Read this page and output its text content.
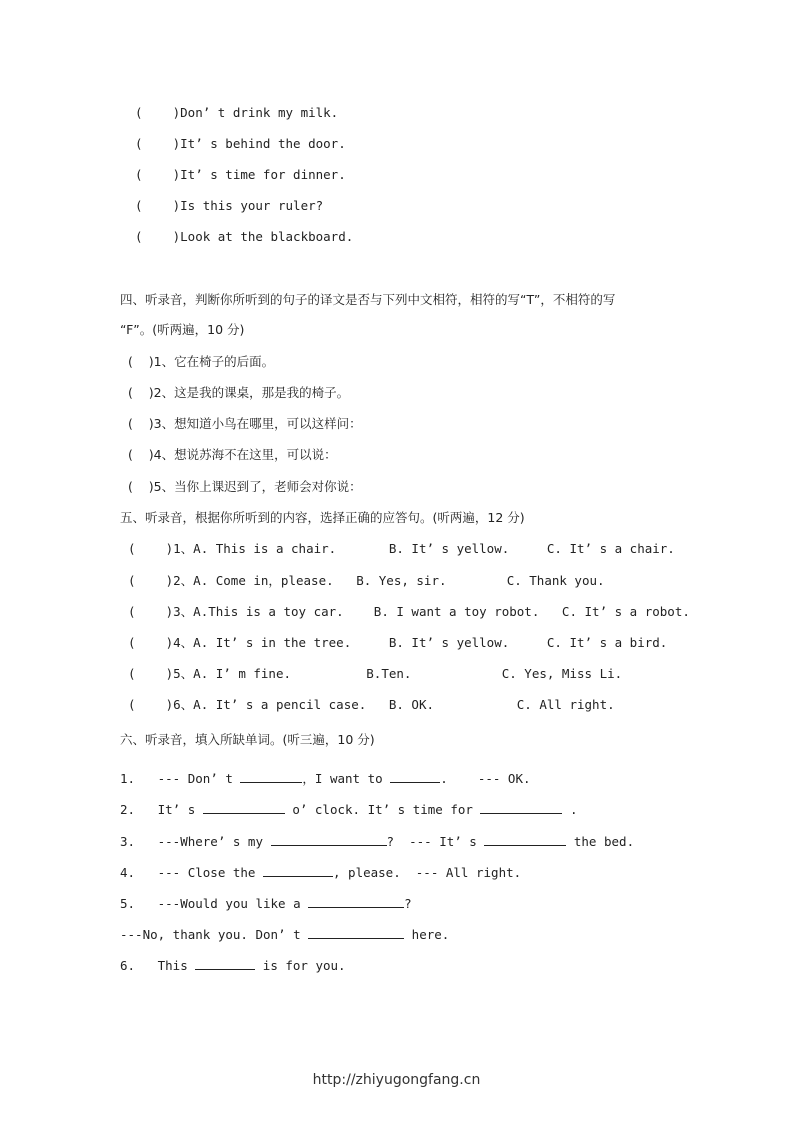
(    )Don’ t drink my milk.
(    )It’ s behind the door.
(    )It’ s time for dinner.
(    )Is this your ruler?
(    )Look at the blackboard.
四、听录音，判断你所听到的句子的译文是否与下列中文相符，相符的写“T”，不相符的写
“F”。(听两遍，10 分)
(    )1、它在椅子的后面。
(    )2、这是我的课桌，那是我的椅子。
(    )3、想知道小鸟在哪里，可以这样问：
(    )4、想说苏海不在这里，可以说：
(    )5、当你上课迟到了，老师会对你说：
五、听录音，根据你所听到的内容，选择正确的应答句。(听两遍，12 分)
(    )1、A. This is a chair.       B. It’ s yellow.     C. It’ s a chair.
(    )2、A. Come in，please.   B. Yes, sir.        C. Thank you.
(    )3、A.This is a toy car.    B. I want a toy robot.   C. It’ s a robot.
(    )4、A. It’ s in the tree.     B. It’ s yellow.     C. It’ s a bird.
(    )5、A. I’ m fine.          B.Ten.            C. Yes, Miss Li.
(    )6、A. It’ s a pencil case.   B. OK.           C. All right.
六、听录音，填入所缺单词。(听三遍，10 分)
1.   --- Don’ t	，I want to	.    --- OK.
2.   It’ s	o’ clock. It’ s time for	.
3.   ---Where’ s my	?  --- It’ s	the bed.
4.   --- Close the	, please.  --- All right.
5.   ---Would you like a	?
---No, thank you. Don’ t	here.
6.   This	is for you.
http://zhiyugongfang.cn
